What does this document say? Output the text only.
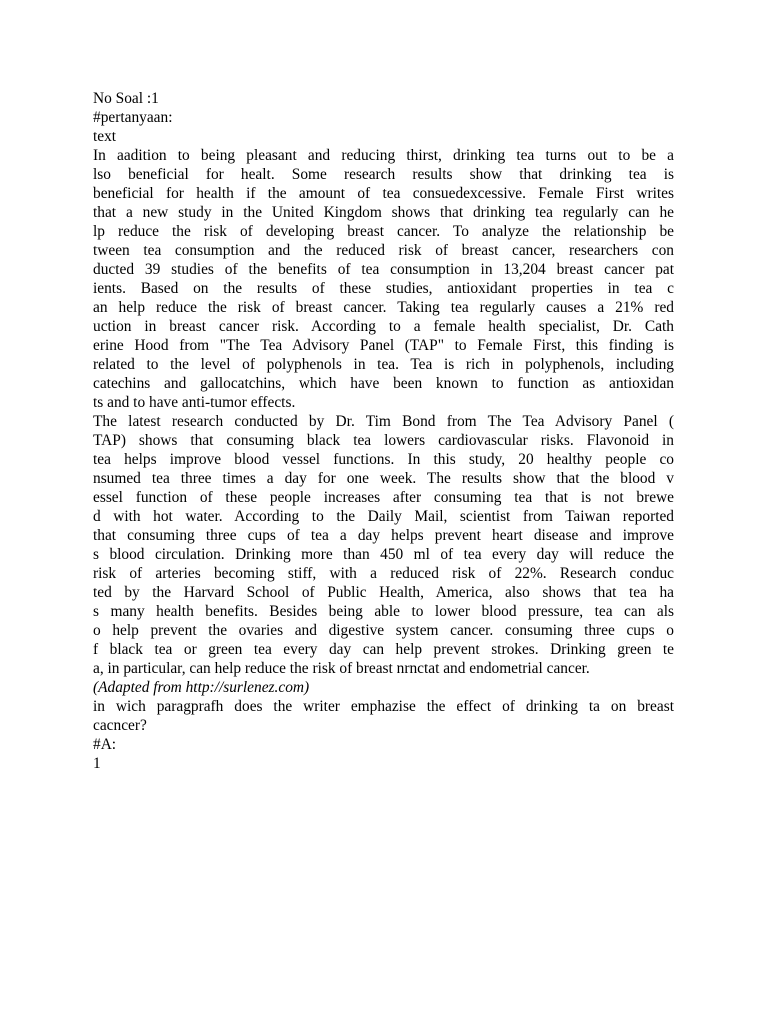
No Soal :1

#pertanyaan:

text

In aadition to being pleasant and reducing thirst, drinking tea turns out to be a
lso beneficial for healt. Some research results show that drinking tea is
beneficial for health if the amount of tea consuedexcessive. Female First writes
that a new study in the United Kingdom shows that drinking tea regularly can he
lp reduce the risk of developing breast cancer. To analyze the relationship be
tween tea consumption and the reduced risk of breast cancer, researchers con
ducted 39 studies of the benefits of tea consumption in 13,204 breast cancer pat
ients. Based on the results of these studies, antioxidant properties in tea c
an help reduce the risk of breast cancer. Taking tea regularly causes a 21% red
uction in breast cancer risk. According to a female health specialist, Dr. Cath
erine Hood from "The Tea Advisory Panel (TAP" to Female First, this finding is
related to the level of polyphenols in tea. Tea is rich in polyphenols, including
catechins and gallocatchins, which have been known to function as antioxidan
ts and to have anti-tumor effects.

The latest research conducted by Dr. Tim Bond from The Tea Advisory Panel (
TAP) shows that consuming black tea lowers cardiovascular risks. Flavonoid in
tea helps improve blood vessel functions. In this study, 20 healthy people co
nsumed tea three times a day for one week. The results show that the blood v
essel function of these people increases after consuming tea that is not brewe
d with hot water. According to the Daily Mail, scientist from Taiwan reported
that consuming three cups of tea a day helps prevent heart disease and improve
s blood circulation. Drinking more than 450 ml of tea every day will reduce the
risk of arteries becoming stiff, with a reduced risk of 22%. Research conduc
ted by the Harvard School of Public Health, America, also shows that tea ha
s many health benefits. Besides being able to lower blood pressure, tea can als
o help prevent the ovaries and digestive system cancer. consuming three cups o
f black tea or green tea every day can help prevent strokes. Drinking green te
a, in particular, can help reduce the risk of breast nrnctat and endometrial cancer.

(Adapted from http://surlenez.com)

in wich paragprafh does the writer emphazise the effect of drinking ta on breast
cacncer?

#A:

1
